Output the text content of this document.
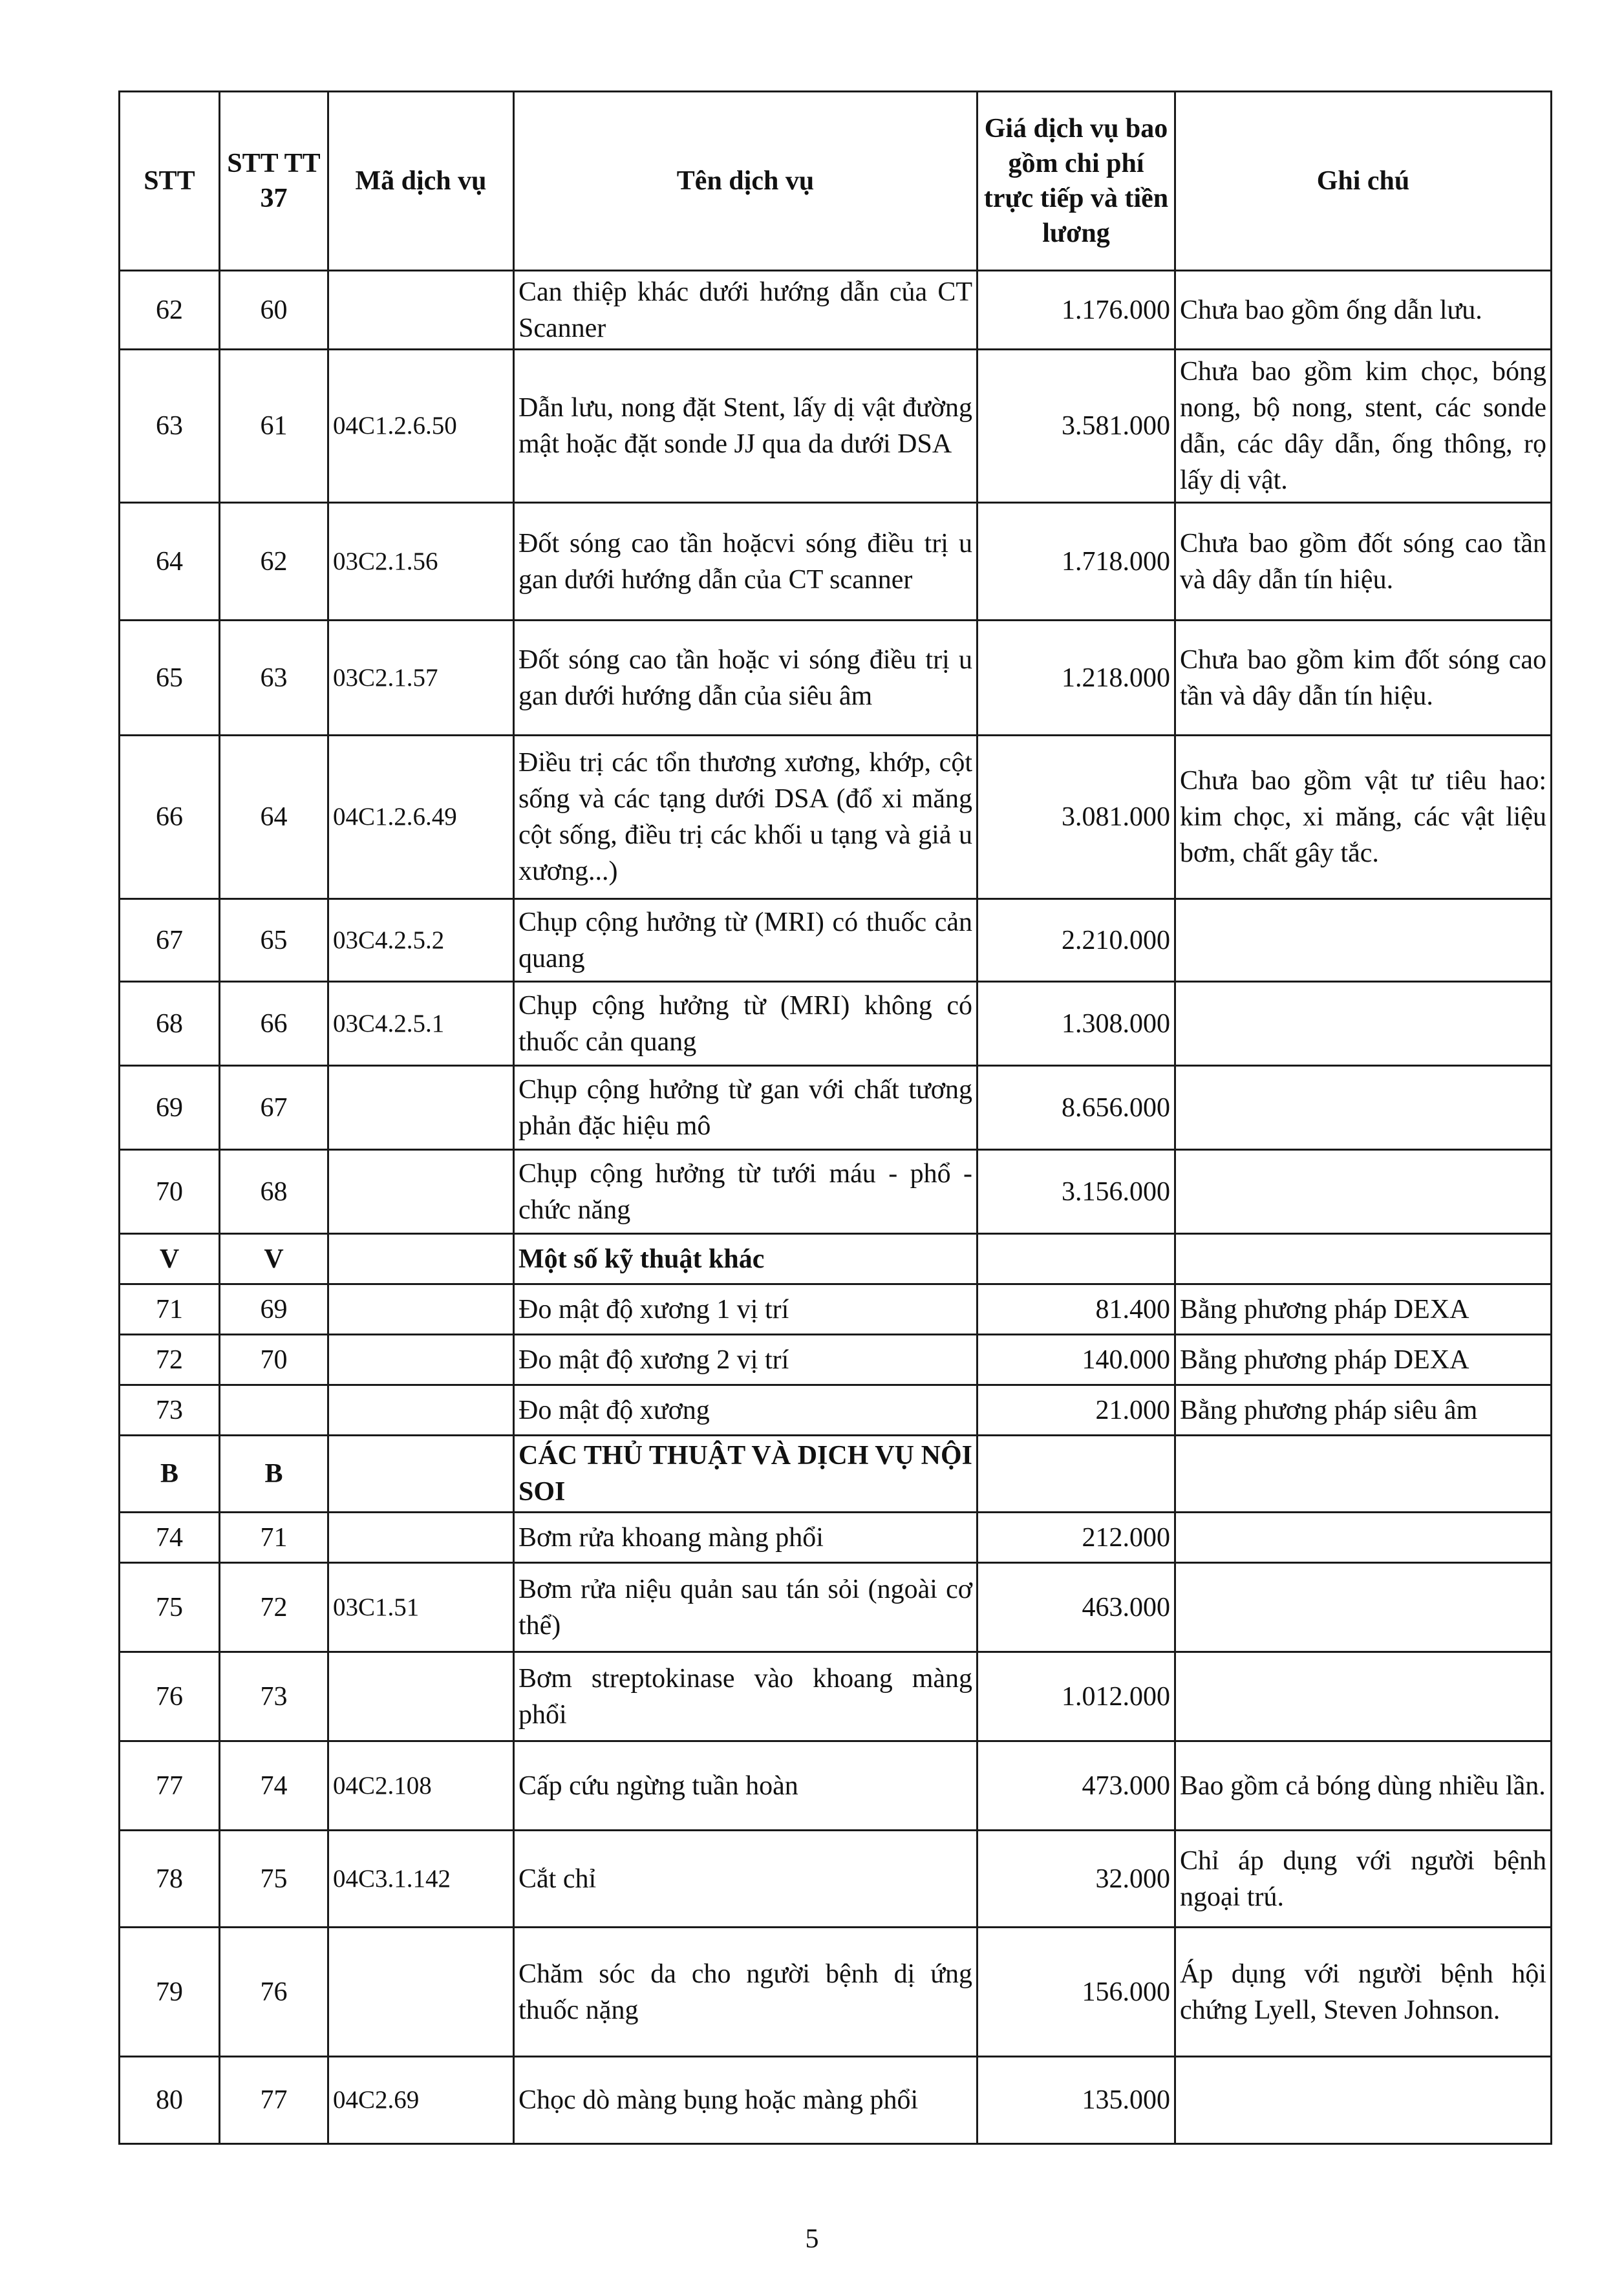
STT	STT TT 37	Mã dịch vụ	Tên dịch vụ	Giá dịch vụ bao gồm chi phí trực tiếp và tiền lương	Ghi chú
62	60		Can thiệp khác dưới hướng dẫn của CT Scanner	1.176.000	Chưa bao gồm ống dẫn lưu.
63	61	04C1.2.6.50	Dẫn lưu, nong đặt Stent, lấy dị vật đường mật hoặc đặt sonde JJ qua da dưới DSA	3.581.000	Chưa bao gồm kim chọc, bóng nong, bộ nong, stent, các sonde dẫn, các dây dẫn, ống thông, rọ lấy dị vật.
64	62	03C2.1.56	Đốt sóng cao tần hoặcvi sóng điều trị u gan dưới hướng dẫn của CT scanner	1.718.000	Chưa bao gồm đốt sóng cao tần và dây dẫn tín hiệu.
65	63	03C2.1.57	Đốt sóng cao tần hoặc vi sóng điều trị u gan dưới hướng dẫn của siêu âm	1.218.000	Chưa bao gồm kim đốt sóng cao tần và dây dẫn tín hiệu.
66	64	04C1.2.6.49	Điều trị các tổn thương xương, khớp, cột sống và các tạng dưới DSA (đổ xi măng cột sống, điều trị các khối u tạng và giả u xương...)	3.081.000	Chưa bao gồm vật tư tiêu hao: kim chọc, xi măng, các vật liệu bơm, chất gây tắc.
67	65	03C4.2.5.2	Chụp cộng hưởng từ (MRI) có thuốc cản quang	2.210.000	
68	66	03C4.2.5.1	Chụp cộng hưởng từ (MRI) không có thuốc cản quang	1.308.000	
69	67		Chụp cộng hưởng từ gan với chất tương phản đặc hiệu mô	8.656.000	
70	68		Chụp cộng hưởng từ tưới máu - phổ - chức năng	3.156.000	
V	V		Một số kỹ thuật khác		
71	69		Đo mật độ xương 1 vị trí	81.400	Bằng phương pháp DEXA
72	70		Đo mật độ xương 2 vị trí	140.000	Bằng phương pháp DEXA
73			Đo mật độ xương	21.000	Bằng phương pháp siêu âm
B	B		CÁC THỦ THUẬT VÀ DỊCH VỤ NỘI SOI		
74	71		Bơm rửa khoang màng phổi	212.000	
75	72	03C1.51	Bơm rửa niệu quản sau tán sỏi (ngoài cơ thể)	463.000	
76	73		Bơm streptokinase vào khoang màng phổi	1.012.000	
77	74	04C2.108	Cấp cứu ngừng tuần hoàn	473.000	Bao gồm cả bóng dùng nhiều lần.
78	75	04C3.1.142	Cắt chỉ	32.000	Chỉ áp dụng với người bệnh ngoại trú.
79	76		Chăm sóc da cho người bệnh dị ứng thuốc nặng	156.000	Áp dụng với người bệnh hội chứng Lyell, Steven Johnson.
80	77	04C2.69	Chọc dò màng bụng hoặc màng phổi	135.000	
5
